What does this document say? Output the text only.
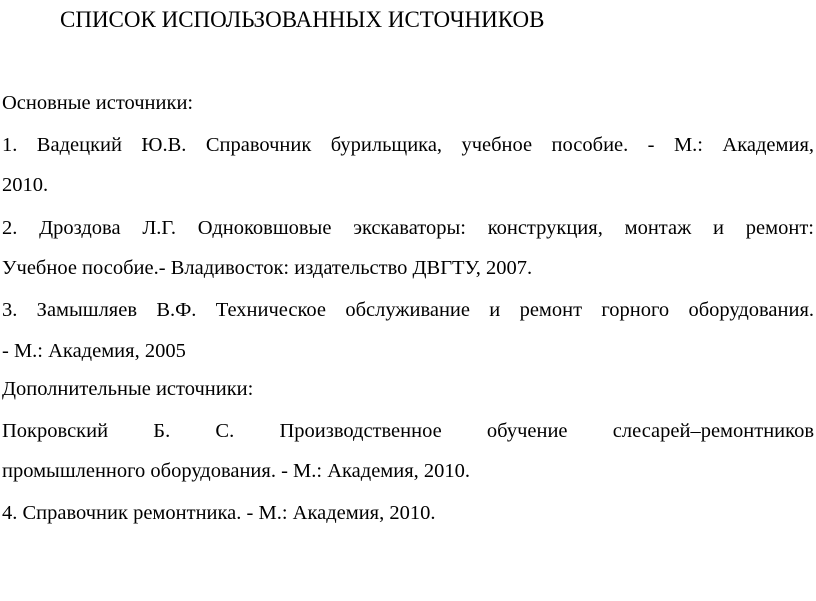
СПИСОК ИСПОЛЬЗОВАННЫХ ИСТОЧНИКОВ
Основные источники:
1. Вадецкий Ю.В. Справочник бурильщика, учебное пособие. - М.: Академия,
2010.
2. Дроздова Л.Г. Одноковшовые экскаваторы: конструкция, монтаж и ремонт:
Учебное пособие.- Владивосток: издательство ДВГТУ, 2007.
3. Замышляев В.Ф. Техническое обслуживание и ремонт горного оборудования.
- М.: Академия, 2005
Дополнительные источники:
Покровский Б. С. Производственное обучение слесарей–ремонтников
промышленного оборудования. - М.: Академия, 2010.
4. Справочник ремонтника. - М.: Академия, 2010.
